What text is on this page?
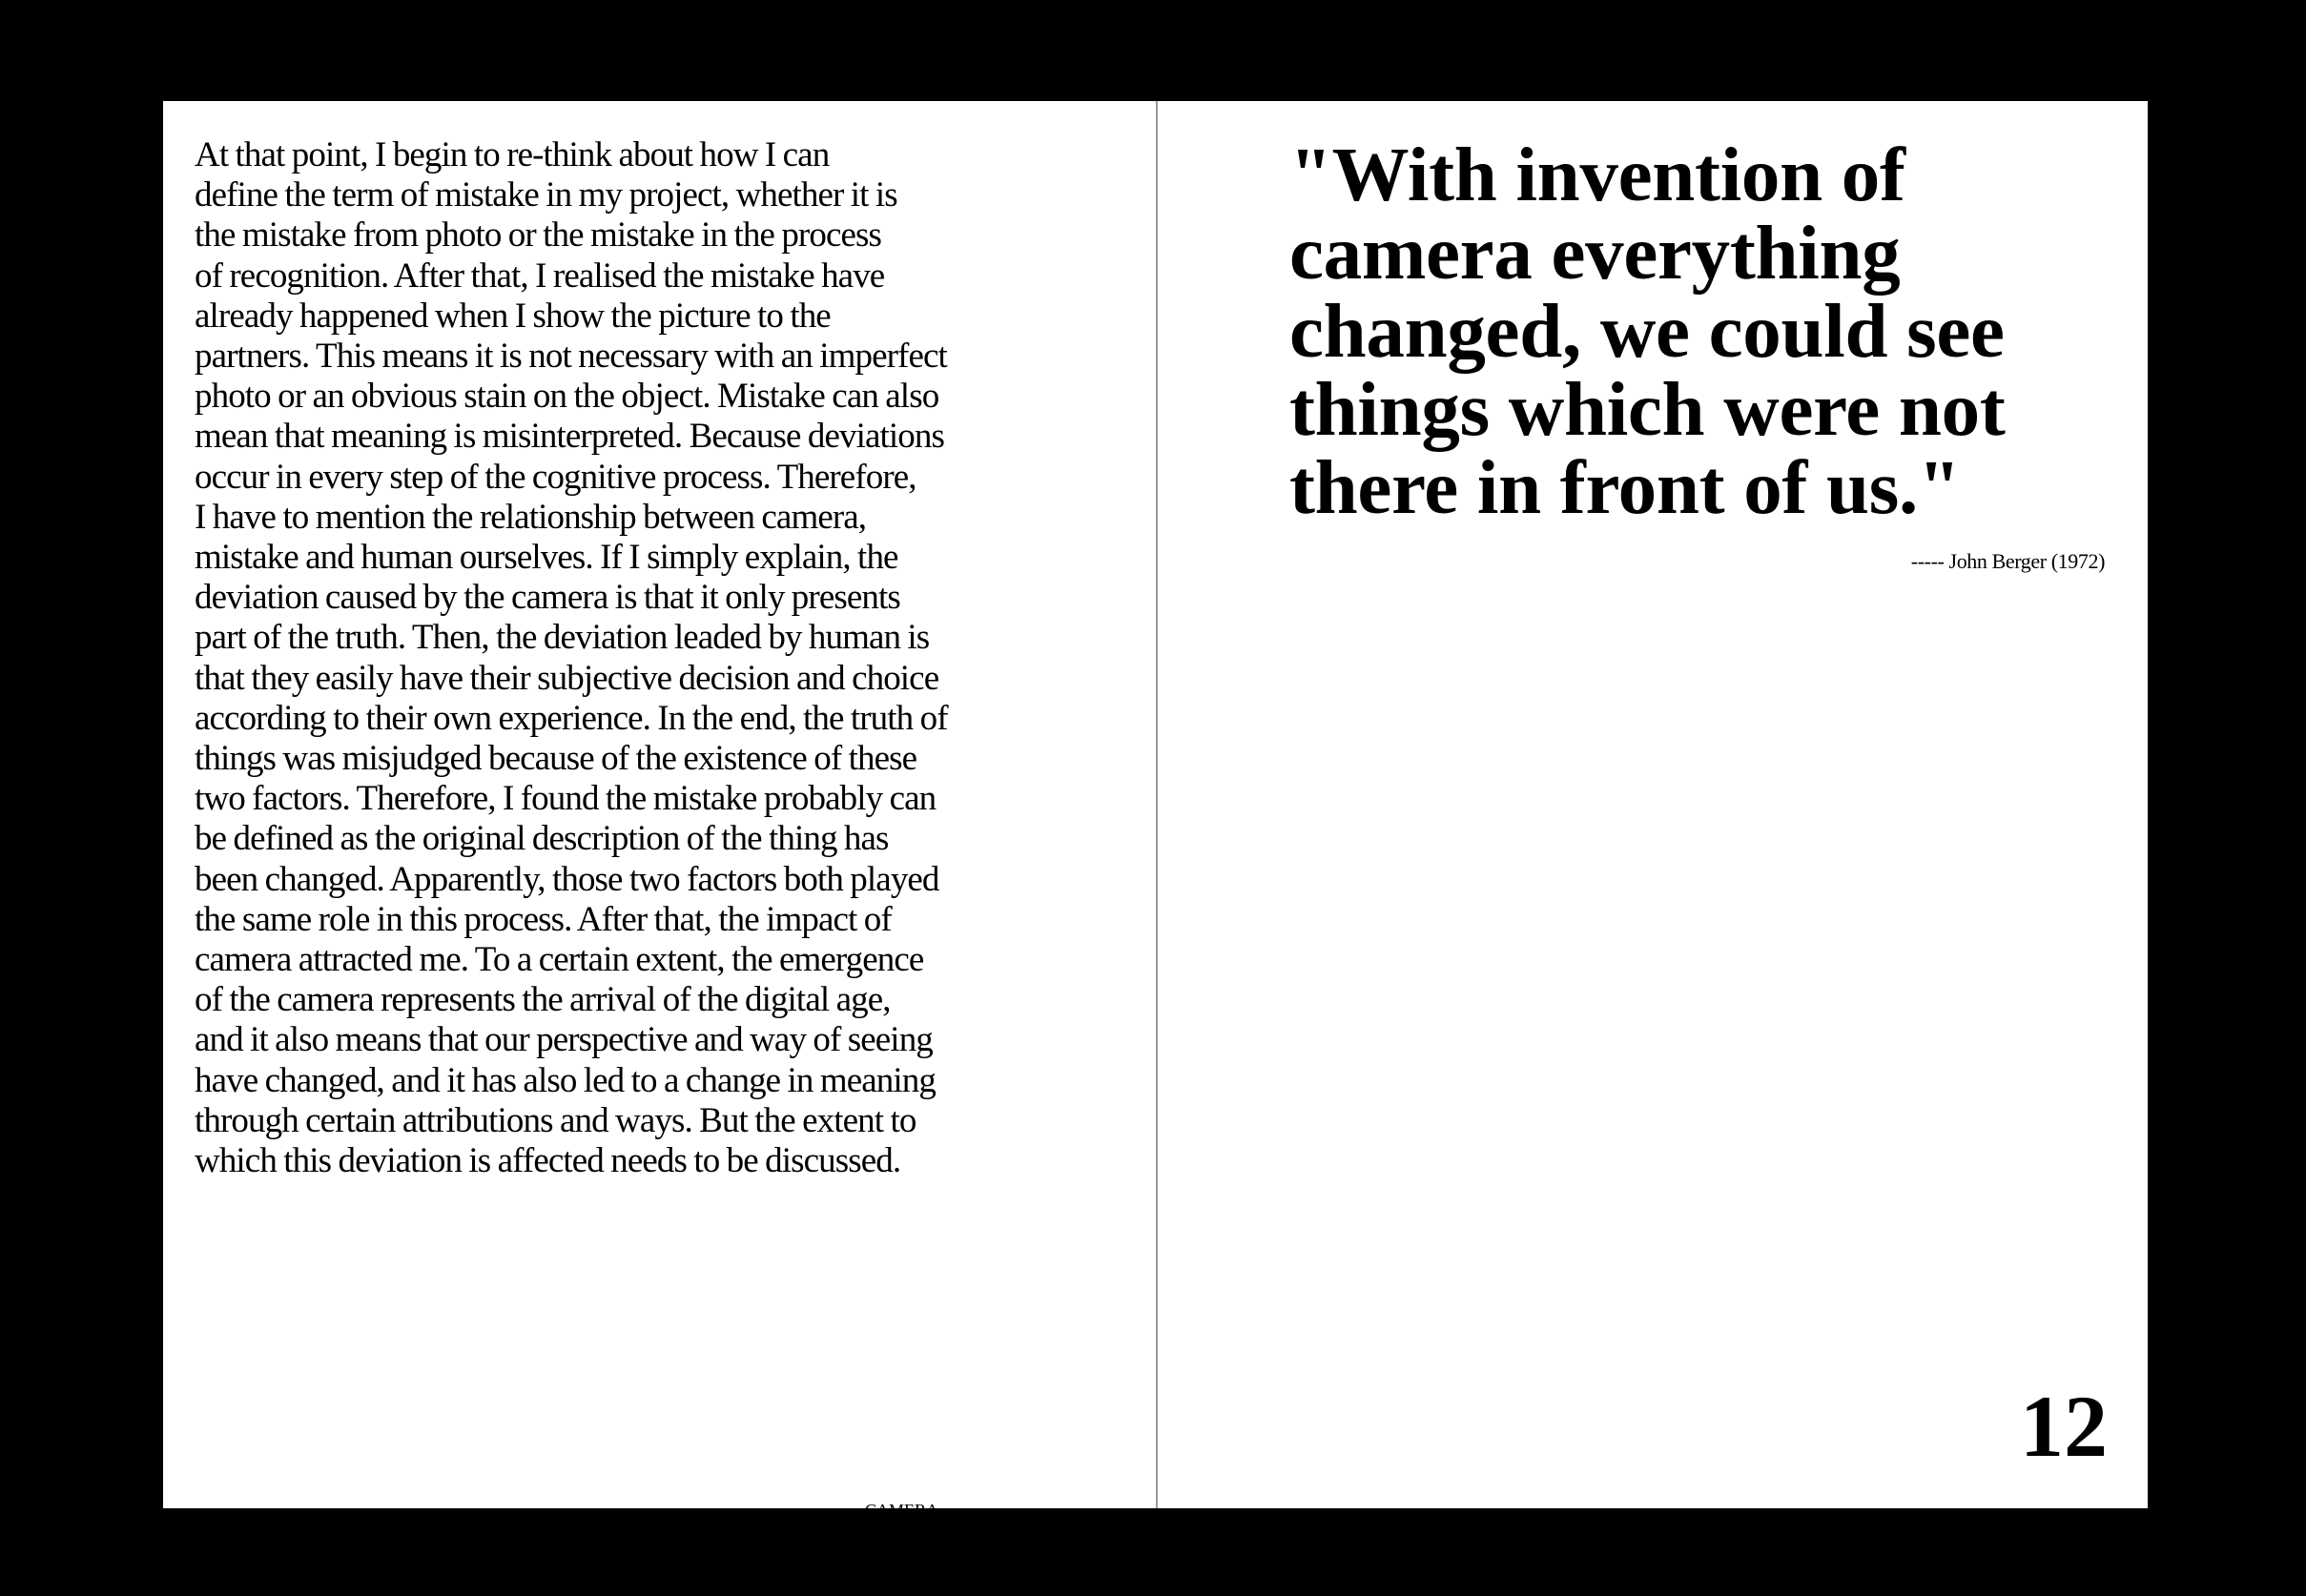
At that point, I begin to re-think about how I can
define the term of mistake in my project, whether it is
the mistake from photo or the mistake in the process
of recognition. After that, I realised the mistake have
already happened when I show the picture to the
partners. This means it is not necessary with an imperfect
photo or an obvious stain on the object. Mistake can also
mean that meaning is misinterpreted. Because deviations
occur in every step of the cognitive process. Therefore,
I have to mention the relationship between camera,
mistake and human ourselves. If I simply explain, the
deviation caused by the camera is that it only presents
part of the truth. Then, the deviation leaded by human is
that they easily have their subjective decision and choice
according to their own experience. In the end, the truth of
things was misjudged because of the existence of these
two factors. Therefore, I found the mistake probably can
be defined as the original description of the thing has
been changed. Apparently, those two factors both played
the same role in this process. After that, the impact of
camera attracted me. To a certain extent, the emergence
of the camera represents the arrival of the digital age,
and it also means that our perspective and way of seeing
have changed, and it has also led to a change in meaning
through certain attributions and ways. But the extent to
which this deviation is affected needs to be discussed.

-	CAMERA_
-	ERA_

"With invention of
camera everything
changed, we could see
things which were not
there in front of us."

----- John Berger (1972)
NO _
2 _
-
12
-
